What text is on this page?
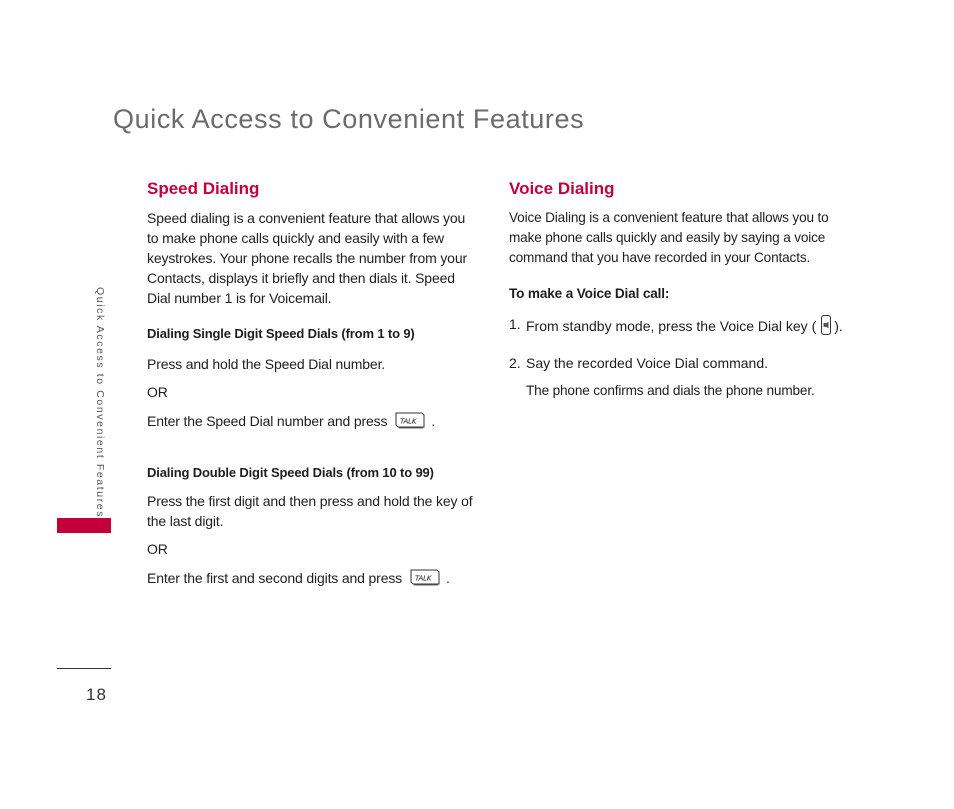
Quick Access to Convenient Features
Quick Access to Convenient Features
18
Speed Dialing

Speed dialing is a convenient feature that allows you to make phone calls quickly and easily with a few keystrokes. Your phone recalls the number from your Contacts, displays it briefly and then dials it. Speed Dial number 1 is for Voicemail.

Dialing Single Digit Speed Dials (from 1 to 9)

Press and hold the Speed Dial number.

OR

Enter the Speed Dial number and press TALK .

Dialing Double Digit Speed Dials (from 10 to 99)

Press the first digit and then press and hold the key of the last digit.

OR

Enter the first and second digits and press TALK .

Voice Dialing

Voice Dialing is a convenient feature that allows you to make phone calls quickly and easily by saying a voice command that you have recorded in your Contacts.

To make a Voice Dial call:

1. From standby mode, press the Voice Dial key ( ).
2. Say the recorded Voice Dial command.

The phone confirms and dials the phone number.
